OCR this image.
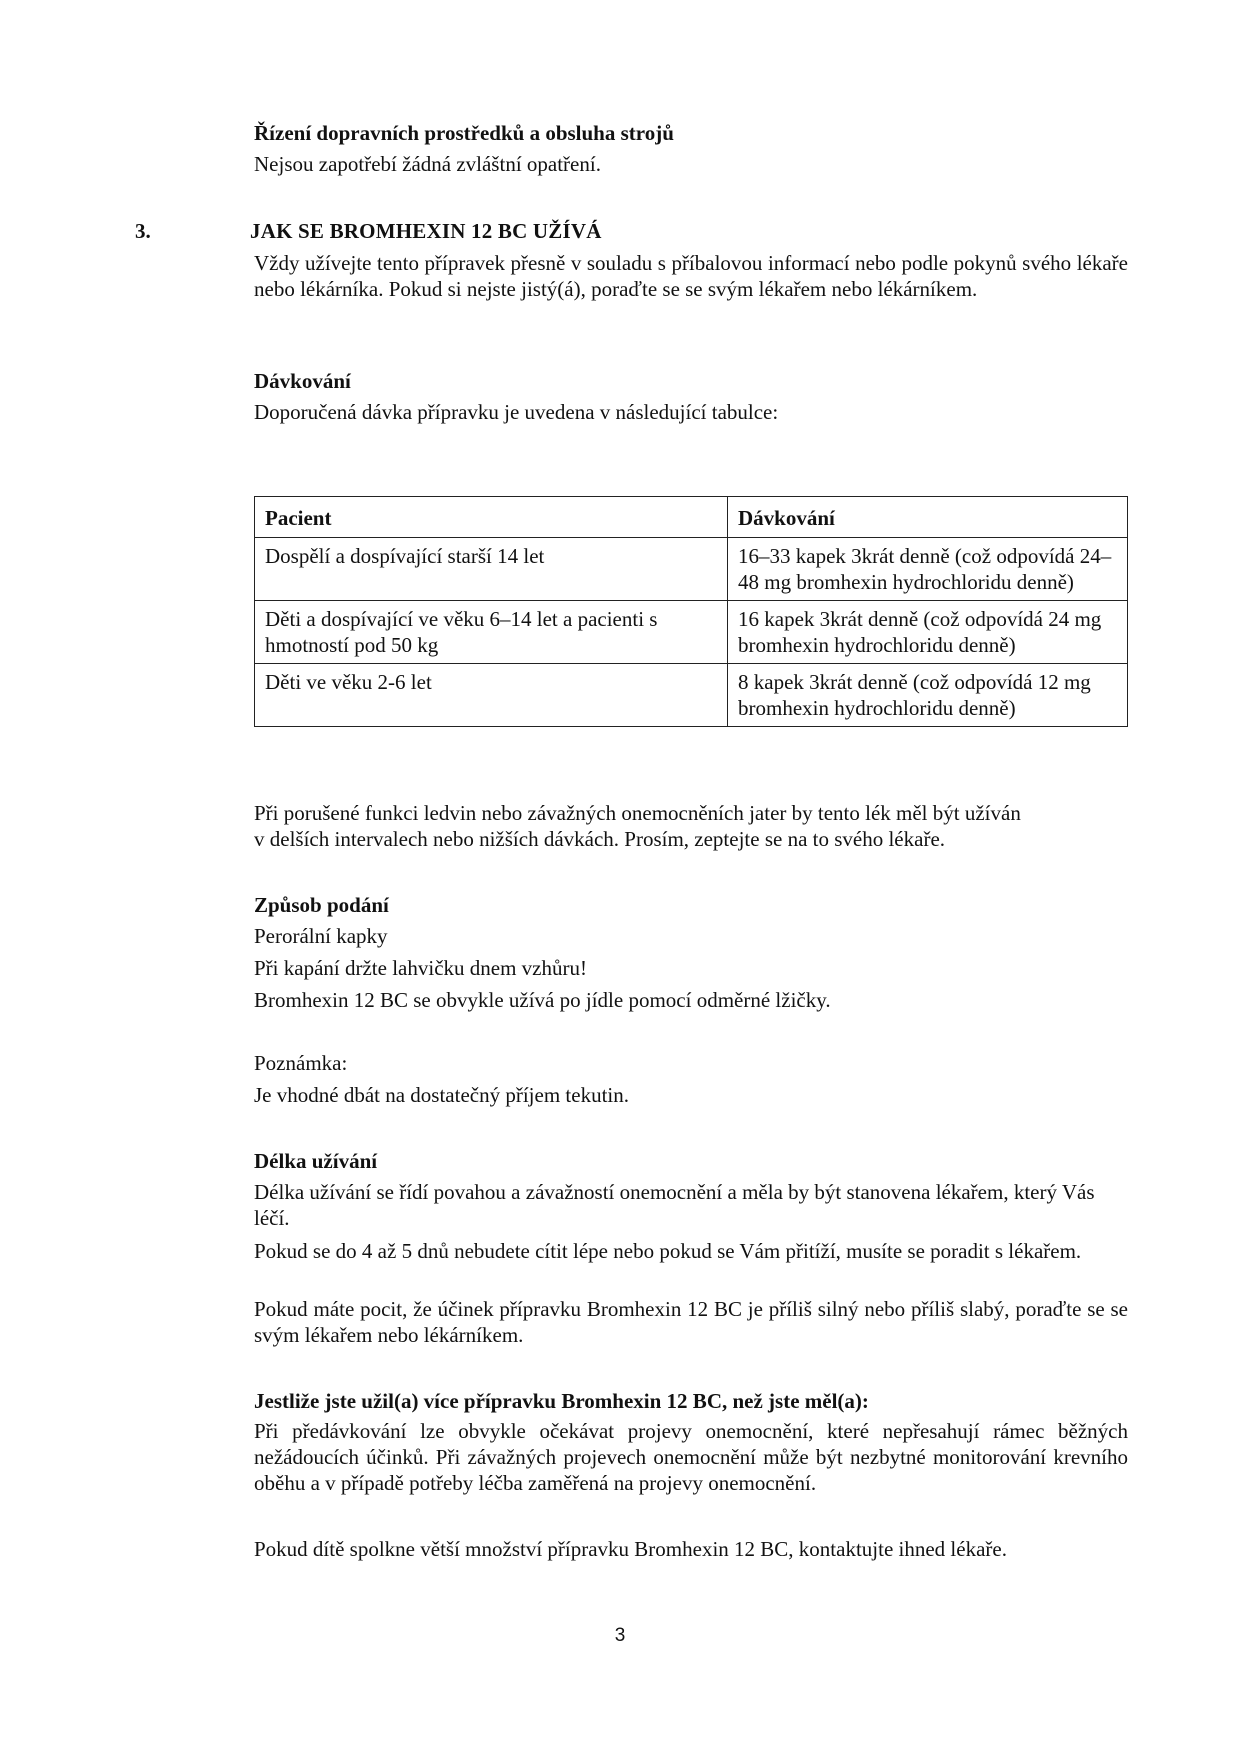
Řízení dopravních prostředků a obsluha strojů
Nejsou zapotřebí žádná zvláštní opatření.
3.	JAK SE BROMHEXIN 12 BC UŽÍVÁ
Vždy užívejte tento přípravek přesně v souladu s příbalovou informací nebo podle pokynů svého lékaře nebo lékárníka. Pokud si nejste jistý(á), poraďte se se svým lékařem nebo lékárníkem.
Dávkování
Doporučená dávka přípravku je uvedena v následující tabulce:
Pacient	Dávkování
Dospělí a dospívající starší 14 let	16–33 kapek 3krát denně (což odpovídá 24–48 mg bromhexin hydrochloridu denně)
Děti a dospívající ve věku 6–14 let a pacienti s hmotností pod 50 kg	16 kapek 3krát denně (což odpovídá 24 mg bromhexin hydrochloridu denně)
Děti ve věku 2-6 let	8 kapek 3krát denně (což odpovídá 12 mg bromhexin hydrochloridu denně)
Při porušené funkci ledvin nebo závažných onemocněních jater by tento lék měl být užíván
v delších intervalech nebo nižších dávkách. Prosím, zeptejte se na to svého lékaře.
Způsob podání
Perorální kapky
Při kapání držte lahvičku dnem vzhůru!
Bromhexin 12 BC se obvykle užívá po jídle pomocí odměrné lžičky.
Poznámka:
Je vhodné dbát na dostatečný příjem tekutin.
Délka užívání
Délka užívání se řídí povahou a závažností onemocnění a měla by být stanovena lékařem, který Vás léčí.
Pokud se do 4 až 5 dnů nebudete cítit lépe nebo pokud se Vám přitíží, musíte se poradit s lékařem.
Pokud máte pocit, že účinek přípravku Bromhexin 12 BC je příliš silný nebo příliš slabý, poraďte se se svým lékařem nebo lékárníkem.
Jestliže jste užil(a) více přípravku Bromhexin 12 BC, než jste měl(a):
Při předávkování lze obvykle očekávat projevy onemocnění, které nepřesahují rámec běžných nežádoucích účinků. Při závažných projevech onemocnění může být nezbytné monitorování krevního oběhu a v případě potřeby léčba zaměřená na projevy onemocnění.
Pokud dítě spolkne větší množství přípravku Bromhexin 12 BC, kontaktujte ihned lékaře.
3
